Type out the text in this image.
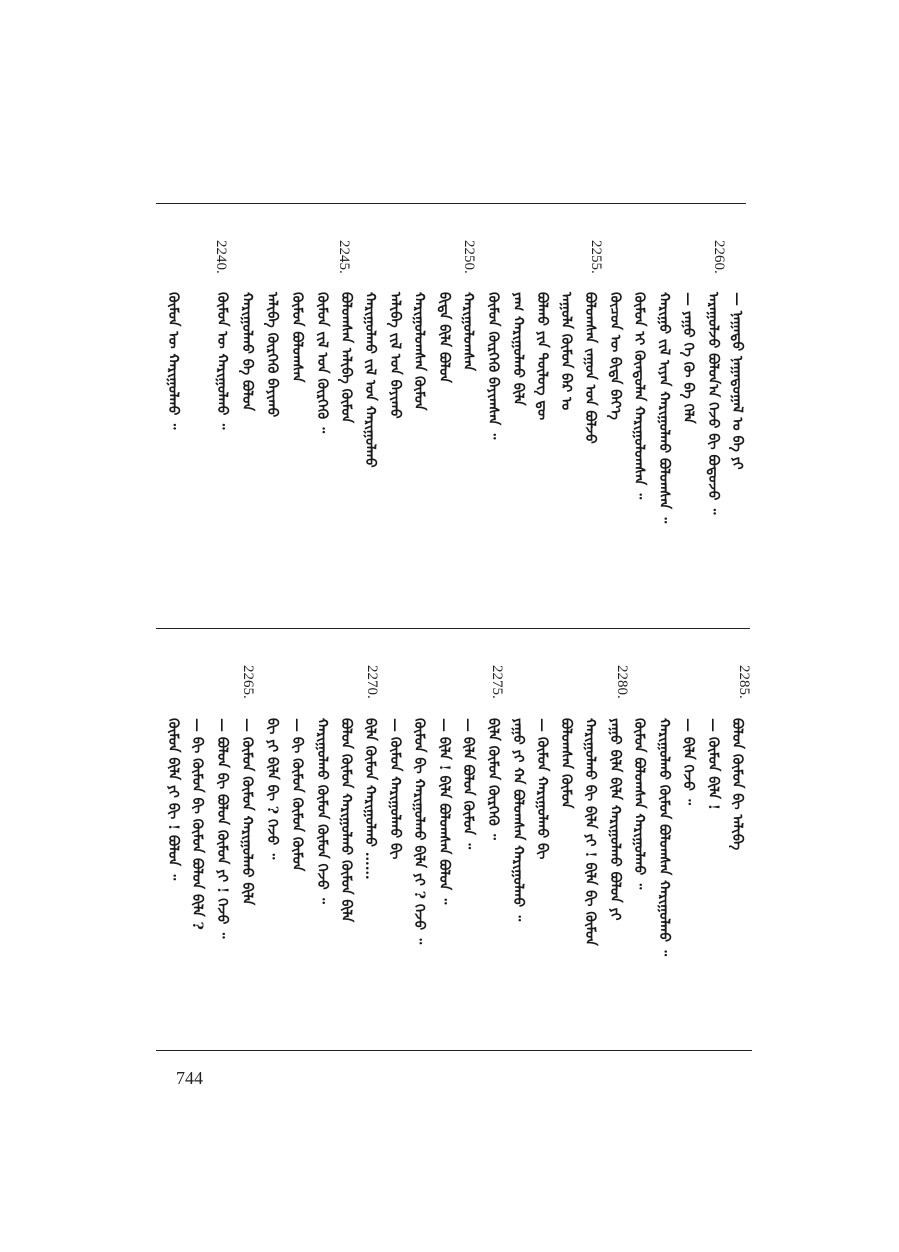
2260.
2255.
2250.
2245.
2240.
— ᠨᠠᠭᠠᠳᠤ ᠨᠠᠭᠠᠳᠤᠭᠠᠯ ᠤ ᠪᠠ ᠶᠢ
ᠠᠷᠠᠭᠤᠯᠵᠤ ᠪᠣᠯᠤᠨ᠎ᠠ ᠭᠡᠵᠦ ᠪᠢ ᠪᠣᠳᠣᠵᠤ ᠃
— ᠶᠠᠭᠤ ᠭᠡ ᠬᠦ ᠪᠠ ᠬᠡᠯᠡ
ᠬᠠᠷᠢᠭᠤ ᠵᠢᠯ ᠢᠶᠡᠨ ᠬᠠᠷᠢᠭᠤᠯᠬᠤ ᠪᠤᠯᠤᠭᠰᠠᠨ ᠃
ᠬᠦᠮᠦᠨ ᠢ ᠬᠦᠨᠳᠦᠯᠡᠨ ᠬᠠᠷᠢᠭᠤᠯᠤᠭᠰᠠᠨ ᠃
ᠬᠦᠴᠦᠨ ᠦ ᠪᠢᠳᠡ ᠪᠡᠶ᠎ᠡ
ᠪᠣᠯᠣᠭᠰᠠᠨ ᠵᠠᠭᠤᠨ ᠣᠨ ᠪᠣᠯᠵᠤ
ᠠᠭᠤᠯᠠ ᠬᠦᠮᠦᠨ ᠪᠠᠷ ᠤ
ᠪᠣᠯᠬᠤ ᠶᠢᠨ ᠲᠥᠯᠦᠭ᠌ ᠳᠦ
ᠶᠠᠭ ᠬᠠᠷᠢᠭᠤᠯᠬᠤ ᠪᠢᠯᠡ
ᠬᠦᠮᠦᠨ ᠬᠦᠷᠭᠡᠬᠦ ᠪᠠᠶᠢᠭᠰᠠᠨ ᠃
ᠬᠠᠷᠢᠭᠤᠯᠤᠭᠰᠠᠨ
ᠪᠢᠳᠡ ᠪᠢᠯᠡ ᠪᠣᠯᠣᠨ
ᠬᠠᠷᠢᠭᠤᠯᠤᠭᠰᠠᠨ ᠬᠦᠮᠦᠨ
ᠠᠯᠢᠪᠠ ᠵᠢᠯ ᠤᠨ ᠪᠠᠶᠢᠬᠤ
ᠬᠠᠷᠢᠭᠤᠯᠬᠤ ᠵᠢᠯ ᠤᠨ ᠬᠠᠷᠢᠭᠤᠯᠬᠤ
ᠪᠣᠯᠣᠭᠰᠠᠨ ᠠᠯᠢᠪᠠ ᠬᠦᠮᠦᠨ
ᠬᠦᠮᠦᠨ ᠵᠢᠯ ᠤᠨ ᠬᠦᠷᠭᠡᠬᠦ ᠃
ᠬᠦᠮᠦᠨ ᠪᠣᠯᠣᠭᠰᠠᠨ
ᠠᠯᠢᠪᠠ ᠬᠦᠷᠭᠡᠬᠦ ᠪᠠᠶᠢᠬᠤ
ᠬᠠᠷᠢᠭᠤᠯᠬᠤ ᠪᠠ ᠪᠣᠯᠣᠨ
ᠬᠦᠮᠦᠨ ᠦ ᠬᠠᠷᠢᠭᠤᠯᠬᠤ ᠃
ᠬᠦᠮᠦᠨ ᠦ ᠬᠠᠷᠢᠭᠤᠯᠬᠤ ᠃
2285.
2280.
2275.
2270.
2265.
ᠪᠣᠯᠣᠨ ᠬᠦᠮᠦᠨ ᠪᠢ ᠠᠯᠢᠪᠠ
— ᠬᠦᠮᠦᠨ ᠪᠢᠯᠡ !
— ᠪᠢᠯᠡ ᠭᠡᠵᠦ ᠃
ᠬᠠᠷᠢᠭᠤᠯᠬᠤ ᠬᠦᠮᠦᠨ ᠪᠣᠯᠣᠭᠰᠠᠨ ᠬᠠᠷᠢᠭᠤᠯᠬᠤ ᠃
ᠬᠦᠮᠦᠨ ᠪᠣᠯᠣᠭᠰᠠᠨ ᠬᠠᠷᠢᠭᠤᠯᠬᠤ ᠃
ᠶᠠᠭᠤ ᠪᠢᠯᠡ ᠪᠢᠯᠡ ᠬᠠᠷᠢᠭᠤᠯᠬᠤ ᠪᠣᠯᠣᠨ ᠶᠢ
ᠬᠠᠷᠢᠭᠤᠯᠬᠤ ᠪᠢ ᠪᠢᠯᠡ ᠶᠢ ! ᠪᠢᠯᠡ ᠪᠢ ᠬᠦᠮᠦᠨ
ᠪᠣᠯᠣᠭᠰᠠᠨ ᠬᠦᠮᠦᠨ
— ᠬᠦᠮᠦᠨ ᠬᠠᠷᠢᠭᠤᠯᠬᠤ ᠪᠢ
ᠶᠠᠭᠤ ᠶᠢ ᠬᠠ ᠪᠣᠯᠣᠭᠰᠠᠨ ᠬᠠᠷᠢᠭᠤᠯᠬᠤ ᠃
ᠪᠢᠯᠡ ᠬᠦᠮᠦᠨ ᠬᠦᠷᠭᠡᠬᠦ ᠃
— ᠪᠢᠯᠡ ᠪᠣᠯᠣᠨ ᠬᠦᠮᠦᠨ ᠃
— ᠪᠢᠯᠡ ! ᠪᠢᠯᠡ ᠪᠣᠯᠣᠭᠰᠠᠨ ᠪᠣᠯᠣᠨ ᠃
ᠬᠦᠮᠦᠨ ᠪᠢ ᠬᠠᠷᠢᠭᠤᠯᠬᠤ ᠪᠢᠯᠡ ᠶᠢ ? ᠭᠡᠵᠦ ᠃
— ᠬᠦᠮᠦᠨ ᠬᠠᠷᠢᠭᠤᠯᠬᠤ ᠪᠢ
ᠪᠢᠯᠡ ᠬᠦᠮᠦᠨ ᠬᠠᠷᠢᠭᠤᠯᠬᠤ ……
ᠪᠣᠯᠣᠨ ᠬᠦᠮᠦᠨ ᠬᠠᠷᠢᠭᠤᠯᠬᠤ ᠬᠦᠮᠦᠨ ᠪᠢᠯᠡ
ᠬᠠᠷᠢᠭᠤᠯᠬᠤ ᠬᠦᠮᠦᠨ ᠬᠦᠮᠦᠨ ᠭᠡᠵᠦ ᠃
— ᠪᠢ ᠬᠦᠮᠦᠨ ᠬᠦᠮᠦᠨ ᠬᠦᠮᠦᠨ
ᠪᠢ ᠶᠢ ᠪᠢᠯᠡ ᠪᠢ ? ᠭᠡᠵᠦ ᠃
— ᠬᠦᠮᠦᠨ ᠬᠦᠮᠦᠨ ᠬᠠᠷᠢᠭᠤᠯᠬᠤ ᠪᠢᠯᠡ
— ᠪᠣᠯᠣᠨ ᠪᠢ ᠪᠣᠯᠣᠨ ᠬᠦᠮᠦᠨ ᠶᠢ ! ᠭᠡᠵᠦ ᠃
— ᠪᠢ ᠬᠦᠮᠦᠨ ᠪᠢ ᠬᠦᠮᠦᠨ ᠪᠣᠯᠣᠨ ᠪᠢᠯᠡ ?
ᠬᠦᠮᠦᠨ ᠪᠢᠯᠡ ᠶᠢ ᠪᠢ ! ᠪᠣᠯᠣᠨ ᠃
744
